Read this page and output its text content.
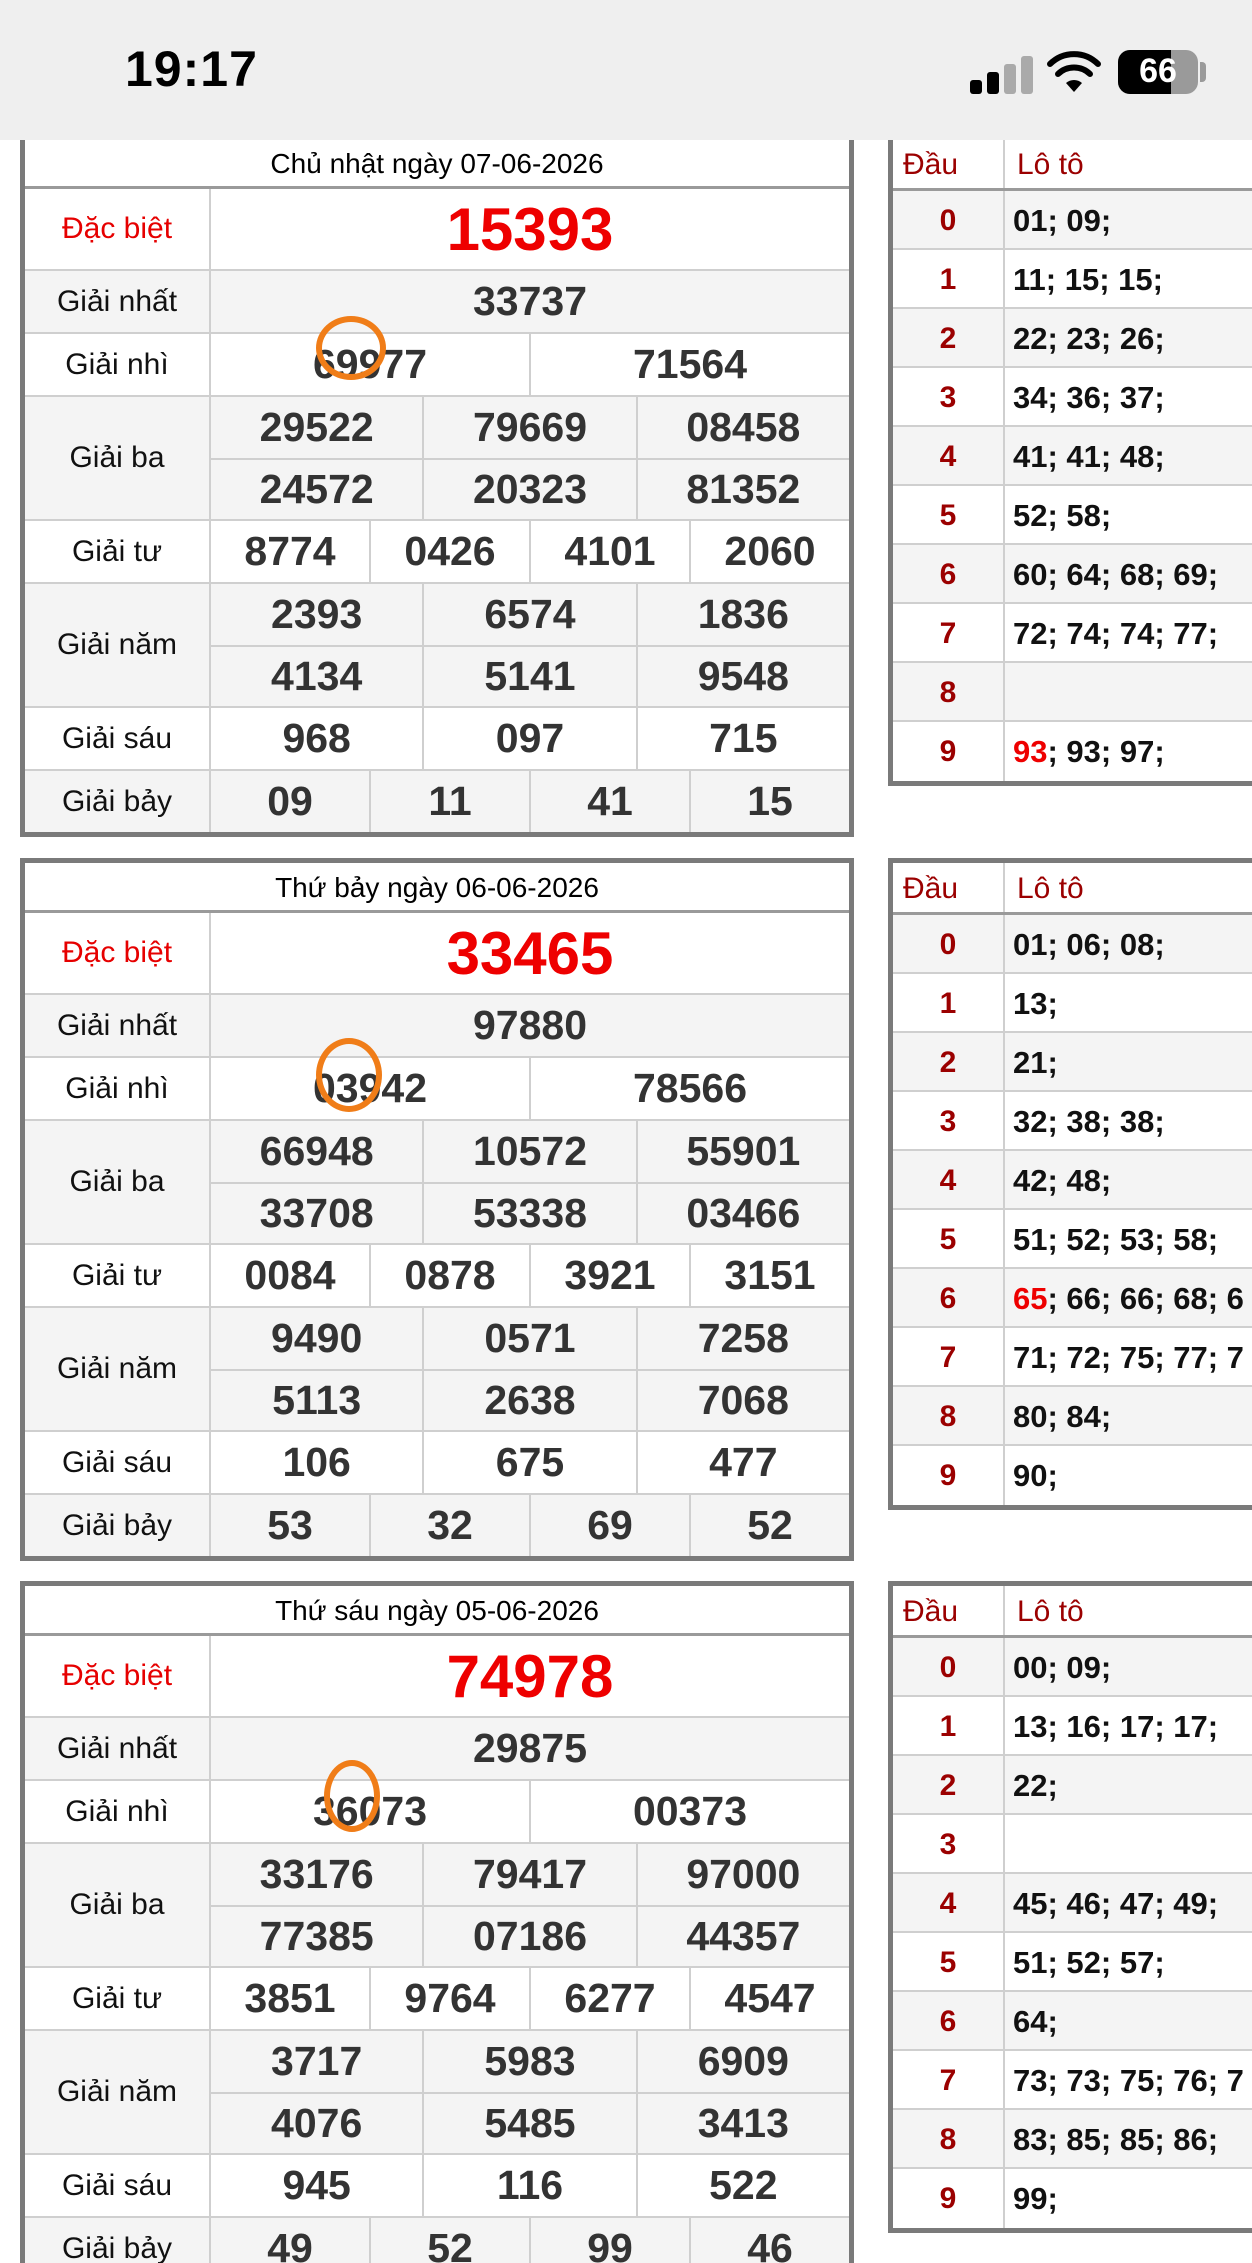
19:17	66
Chủ nhật ngày 07-06-2026
Đặc biệt	15393
Giải nhất	33737
Giải nhì	69977	71564
Giải ba
29522	79669	08458
24572	20323	81352
Giải tư	8774	0426	4101	2060
Giải năm
2393	6574	1836
4134	5141	9548
Giải sáu	968	097	715
Giải bảy	09	11	41	15
Đầu	Lô tô
0	01; 09;
1	11; 15; 15;
2	22; 23; 26;
3	34; 36; 37;
4	41; 41; 48;
5	52; 58;
6	60; 64; 68; 69;
7	72; 74; 74; 77;
8
9	93; 93; 97;
Thứ bảy ngày 06-06-2026
Đặc biệt	33465
Giải nhất	97880
Giải nhì	03942	78566
Giải ba
66948	10572	55901
33708	53338	03466
Giải tư	0084	0878	3921	3151
Giải năm
9490	0571	7258
5113	2638	7068
Giải sáu	106	675	477
Giải bảy	53	32	69	52
Đầu	Lô tô
0	01; 06; 08;
1	13;
2	21;
3	32; 38; 38;
4	42; 48;
5	51; 52; 53; 58;
6	65; 66; 66; 68; 6
7	71; 72; 75; 77; 7
8	80; 84;
9	90;
Thứ sáu ngày 05-06-2026
Đặc biệt	74978
Giải nhất	29875
Giải nhì	36073	00373
Giải ba
33176	79417	97000
77385	07186	44357
Giải tư	3851	9764	6277	4547
Giải năm
3717	5983	6909
4076	5485	3413
Giải sáu	945	116	522
Giải bảy	49	52	99	46
Đầu	Lô tô
0	00; 09;
1	13; 16; 17; 17;
2	22;
3
4	45; 46; 47; 49;
5	51; 52; 57;
6	64;
7	73; 73; 75; 76; 7
8	83; 85; 85; 86;
9	99;
